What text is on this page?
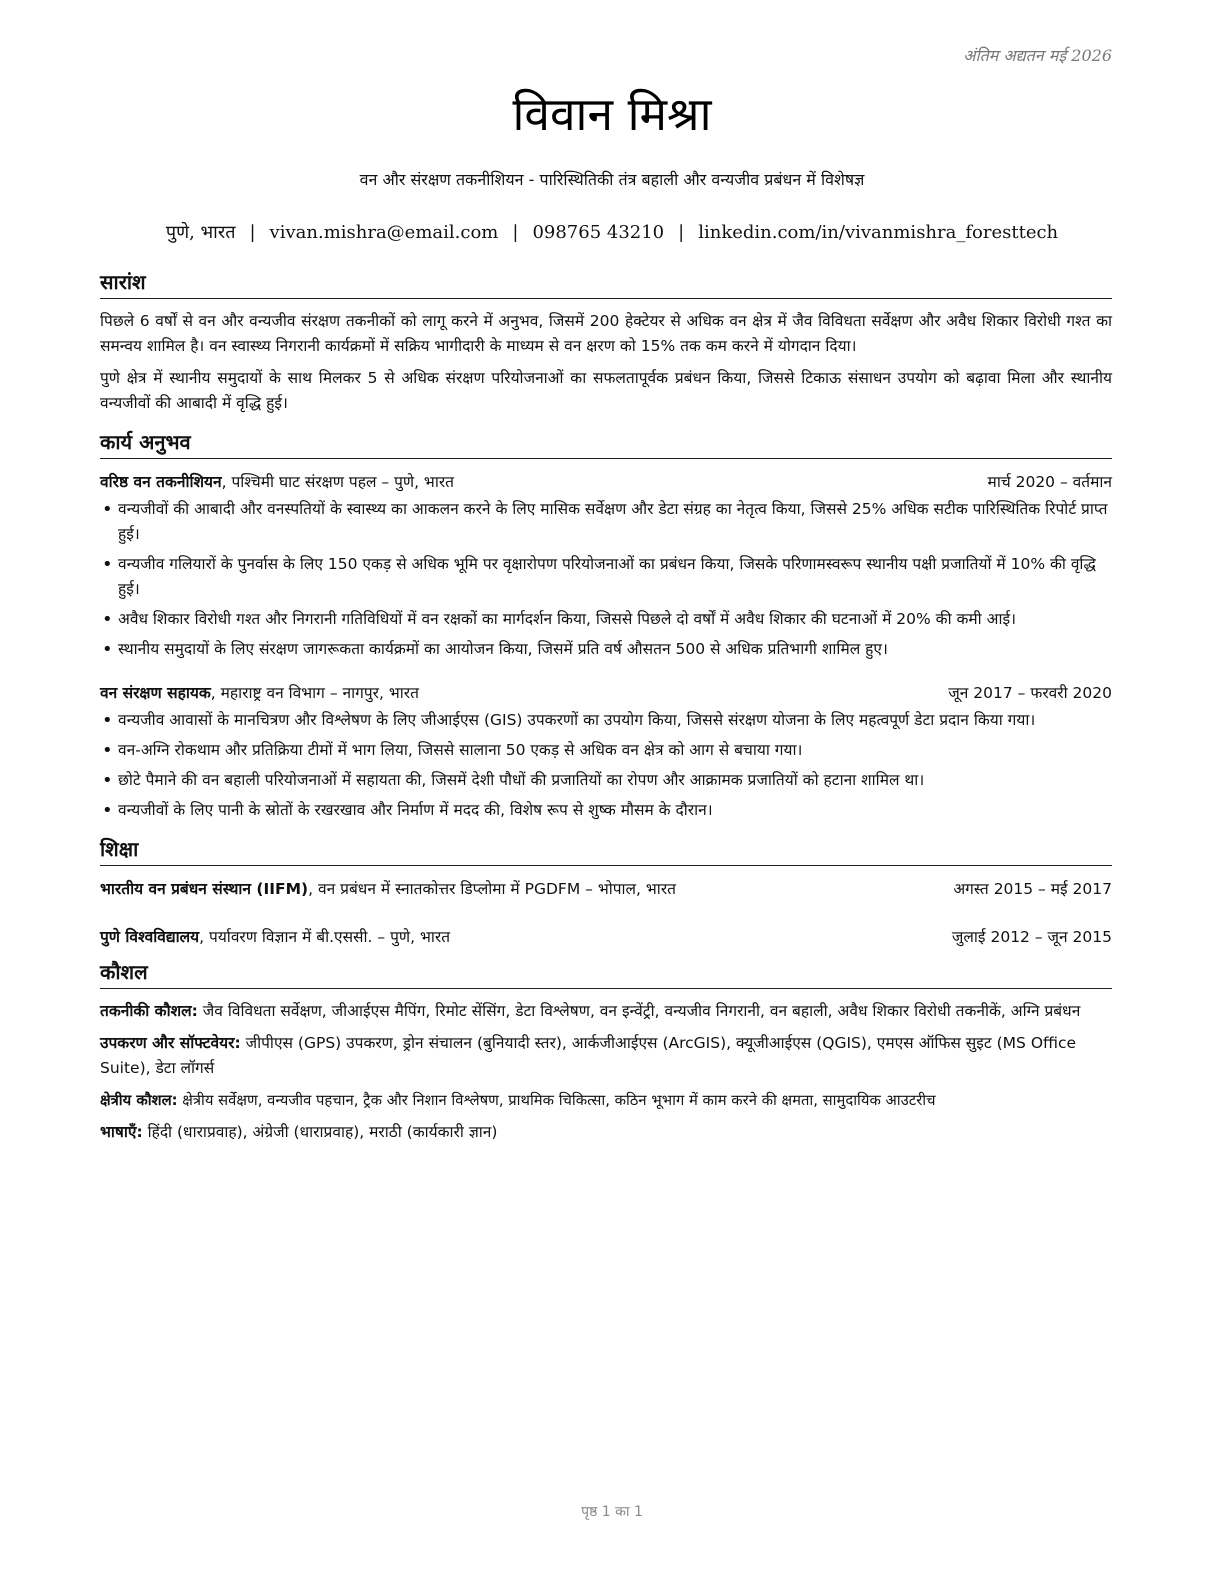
अंतिम अद्यतन मई 2026
विवान मिश्रा
वन और संरक्षण तकनीशियन - पारिस्थितिकी तंत्र बहाली और वन्यजीव प्रबंधन में विशेषज्ञ
पुणे, भारत | vivan.mishra@email.com | 098765 43210 | linkedin.com/in/vivanmishra_foresttech
सारांश

पिछले 6 वर्षों से वन और वन्यजीव संरक्षण तकनीकों को लागू करने में अनुभव, जिसमें 200 हेक्टेयर से अधिक वन क्षेत्र में जैव विविधता सर्वेक्षण और अवैध शिकार विरोधी गश्त का समन्वय शामिल है। वन स्वास्थ्य निगरानी कार्यक्रमों में सक्रिय भागीदारी के माध्यम से वन क्षरण को 15% तक कम करने में योगदान दिया।

पुणे क्षेत्र में स्थानीय समुदायों के साथ मिलकर 5 से अधिक संरक्षण परियोजनाओं का सफलतापूर्वक प्रबंधन किया, जिससे टिकाऊ संसाधन उपयोग को बढ़ावा मिला और स्थानीय वन्यजीवों की आबादी में वृद्धि हुई।

कार्य अनुभव
वरिष्ठ वन तकनीशियन, पश्चिमी घाट संरक्षण पहल – पुणे, भारत	मार्च 2020 – वर्तमान
• वन्यजीवों की आबादी और वनस्पतियों के स्वास्थ्य का आकलन करने के लिए मासिक सर्वेक्षण और डेटा संग्रह का नेतृत्व किया, जिससे 25% अधिक सटीक पारिस्थितिक रिपोर्ट प्राप्त हुई।
• वन्यजीव गलियारों के पुनर्वास के लिए 150 एकड़ से अधिक भूमि पर वृक्षारोपण परियोजनाओं का प्रबंधन किया, जिसके परिणामस्वरूप स्थानीय पक्षी प्रजातियों में 10% की वृद्धि हुई।
• अवैध शिकार विरोधी गश्त और निगरानी गतिविधियों में वन रक्षकों का मार्गदर्शन किया, जिससे पिछले दो वर्षों में अवैध शिकार की घटनाओं में 20% की कमी आई।
• स्थानीय समुदायों के लिए संरक्षण जागरूकता कार्यक्रमों का आयोजन किया, जिसमें प्रति वर्ष औसतन 500 से अधिक प्रतिभागी शामिल हुए।
वन संरक्षण सहायक, महाराष्ट्र वन विभाग – नागपुर, भारत	जून 2017 – फरवरी 2020
• वन्यजीव आवासों के मानचित्रण और विश्लेषण के लिए जीआईएस (GIS) उपकरणों का उपयोग किया, जिससे संरक्षण योजना के लिए महत्वपूर्ण डेटा प्रदान किया गया।
• वन-अग्नि रोकथाम और प्रतिक्रिया टीमों में भाग लिया, जिससे सालाना 50 एकड़ से अधिक वन क्षेत्र को आग से बचाया गया।
• छोटे पैमाने की वन बहाली परियोजनाओं में सहायता की, जिसमें देशी पौधों की प्रजातियों का रोपण और आक्रामक प्रजातियों को हटाना शामिल था।
• वन्यजीवों के लिए पानी के स्रोतों के रखरखाव और निर्माण में मदद की, विशेष रूप से शुष्क मौसम के दौरान।
शिक्षा
भारतीय वन प्रबंधन संस्थान (IIFM), वन प्रबंधन में स्नातकोत्तर डिप्लोमा में PGDFM – भोपाल, भारत	अगस्त 2015 – मई 2017
पुणे विश्वविद्यालय, पर्यावरण विज्ञान में बी.एससी. – पुणे, भारत	जुलाई 2012 – जून 2015
कौशल

तकनीकी कौशल: जैव विविधता सर्वेक्षण, जीआईएस मैपिंग, रिमोट सेंसिंग, डेटा विश्लेषण, वन इन्वेंट्री, वन्यजीव निगरानी, वन बहाली, अवैध शिकार विरोधी तकनीकें, अग्नि प्रबंधन

उपकरण और सॉफ्टवेयर: जीपीएस (GPS) उपकरण, ड्रोन संचालन (बुनियादी स्तर), आर्कजीआईएस (ArcGIS), क्यूजीआईएस (QGIS), एमएस ऑफिस सुइट (MS Office Suite), डेटा लॉगर्स

क्षेत्रीय कौशल: क्षेत्रीय सर्वेक्षण, वन्यजीव पहचान, ट्रैक और निशान विश्लेषण, प्राथमिक चिकित्सा, कठिन भूभाग में काम करने की क्षमता, सामुदायिक आउटरीच

भाषाएँ: हिंदी (धाराप्रवाह), अंग्रेजी (धाराप्रवाह), मराठी (कार्यकारी ज्ञान)

पृष्ठ 1 का 1
